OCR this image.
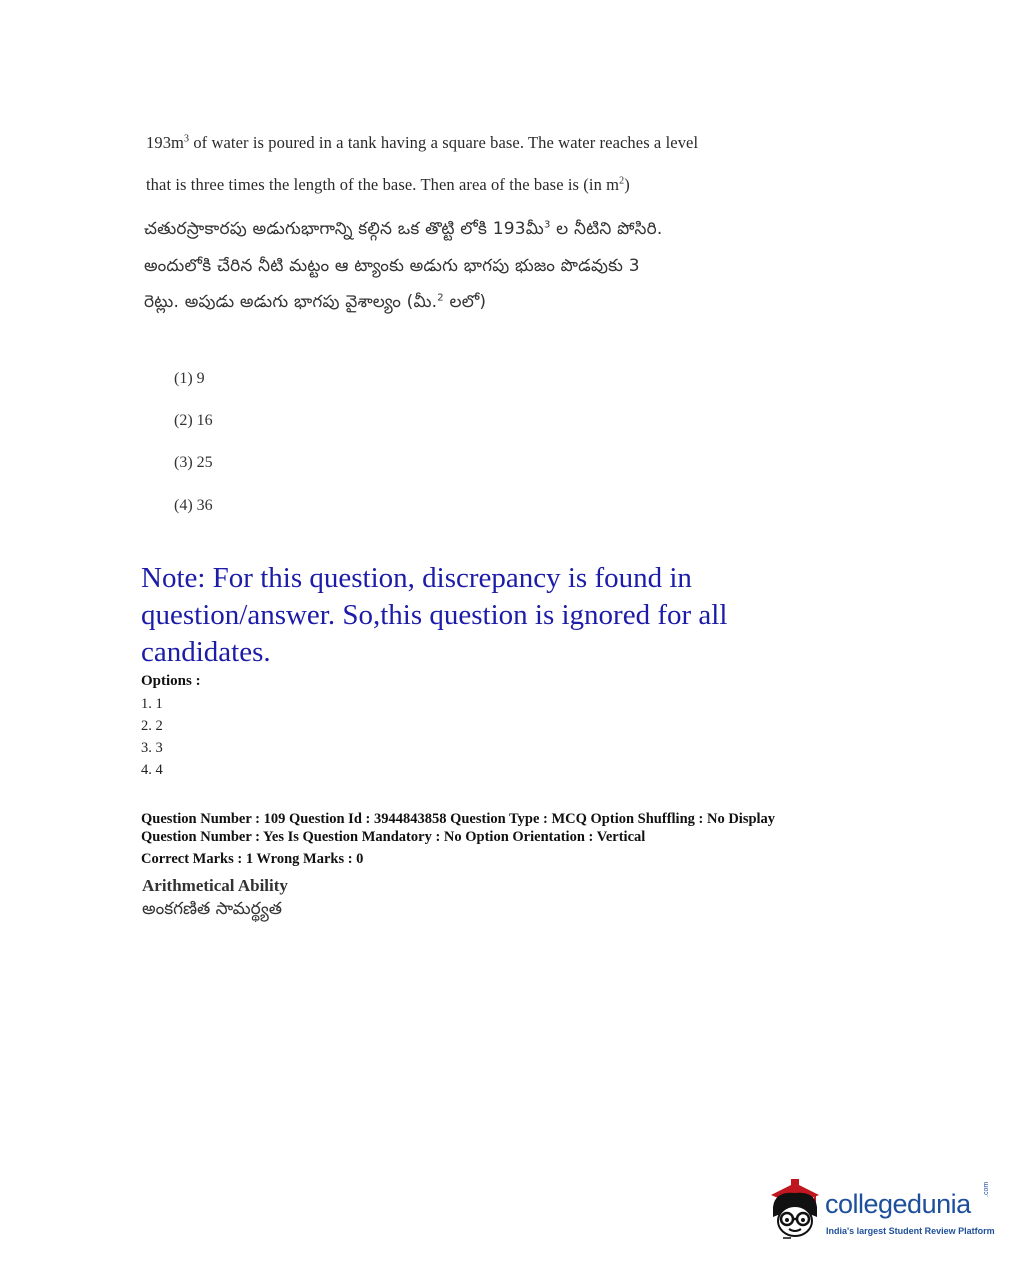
$193m^3$ of water is poured in a tank having a square base. The water reaches a level
that is three times the length of the base. Then area of the base is (in $m^2$)
చతురస్రాకారపు అడుగుభాగాన్ని కల్గిన ఒక తొట్టి లోకి 193మీ$^3$ ల నీటిని పోసిరి.
అందులోకి చేరిన నీటి మట్టం ఆ ట్యాంకు అడుగు భాగపు భుజం పొడవుకు 3
రెట్లు. అపుడు అడుగు భాగపు వైశాల్యం (మీ.$^2$ లలో)
(1) 9
(2) 16
(3) 25
(4) 36

Note: For this question, discrepancy is found in question/answer. So,this question is ignored for all candidates.

Options :
1. 1
2. 2
3. 3
4. 4
Question Number : 109 Question Id : 3944843858 Question Type : MCQ Option Shuffling : No Display
Question Number : Yes Is Question Mandatory : No Option Orientation : Vertical
Correct Marks : 1 Wrong Marks : 0
Arithmetical Ability
అంకగణిత సామర్థ్యత
collegedunia .com
India's largest Student Review Platform
